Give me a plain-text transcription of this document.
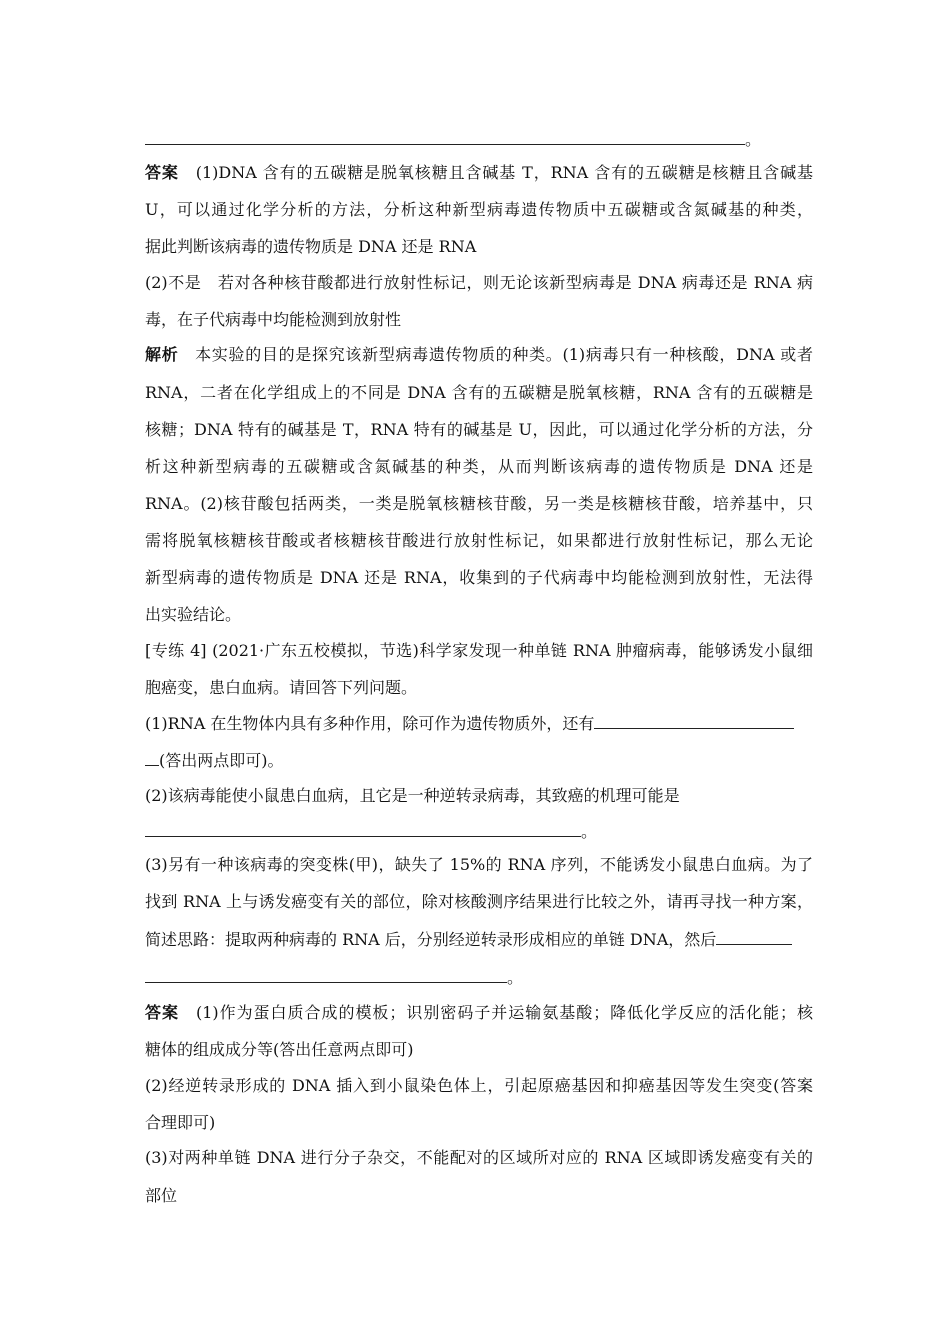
。
答案　 (1)DNA 含有的五碳糖是脱氧核糖且含碱基 T，RNA 含有的五碳糖是核糖且含碱基
U，可以通过化学分析的方法，分析这种新型病毒遗传物质中五碳糖或含氮碱基的种类，
据此判断该病毒的遗传物质是 DNA 还是 RNA
(2)不是　若对各种核苷酸都进行放射性标记，则无论该新型病毒是 DNA 病毒还是 RNA 病
毒，在子代病毒中均能检测到放射性
解析　 本实验的目的是探究该新型病毒遗传物质的种类。(1)病毒只有一种核酸，DNA 或者
RNA，二者在化学组成上的不同是 DNA 含有的五碳糖是脱氧核糖，RNA 含有的五碳糖是
核糖；DNA 特有的碱基是 T，RNA 特有的碱基是 U，因此，可以通过化学分析的方法，分
析这种新型病毒的五碳糖或含氮碱基的种类，从而判断该病毒的遗传物质是 DNA 还是
RNA。(2)核苷酸包括两类，一类是脱氧核糖核苷酸，另一类是核糖核苷酸，培养基中，只
需将脱氧核糖核苷酸或者核糖核苷酸进行放射性标记，如果都进行放射性标记，那么无论
新型病毒的遗传物质是 DNA 还是 RNA，收集到的子代病毒中均能检测到放射性，无法得
出实验结论。
[专练 4] (2021·广东五校模拟，节选)科学家发现一种单链 RNA 肿瘤病毒，能够诱发小鼠细
胞癌变，患白血病。请回答下列问题。
(1)RNA 在生物体内具有多种作用，除可作为遗传物质外，还有
(答出两点即可)。
(2)该病毒能使小鼠患白血病，且它是一种逆转录病毒，其致癌的机理可能是
。
(3)另有一种该病毒的突变株(甲)，缺失了 15%的 RNA 序列，不能诱发小鼠患白血病。为了
找到 RNA 上与诱发癌变有关的部位，除对核酸测序结果进行比较之外，请再寻找一种方案，
简述思路：提取两种病毒的 RNA 后，分别经逆转录形成相应的单链 DNA，然后
。
答案　 (1)作为蛋白质合成的模板；识别密码子并运输氨基酸；降低化学反应的活化能；核
糖体的组成成分等(答出任意两点即可)
(2)经逆转录形成的 DNA 插入到小鼠染色体上，引起原癌基因和抑癌基因等发生突变(答案
合理即可)
(3)对两种单链 DNA 进行分子杂交，不能配对的区域所对应的 RNA 区域即诱发癌变有关的
部位
